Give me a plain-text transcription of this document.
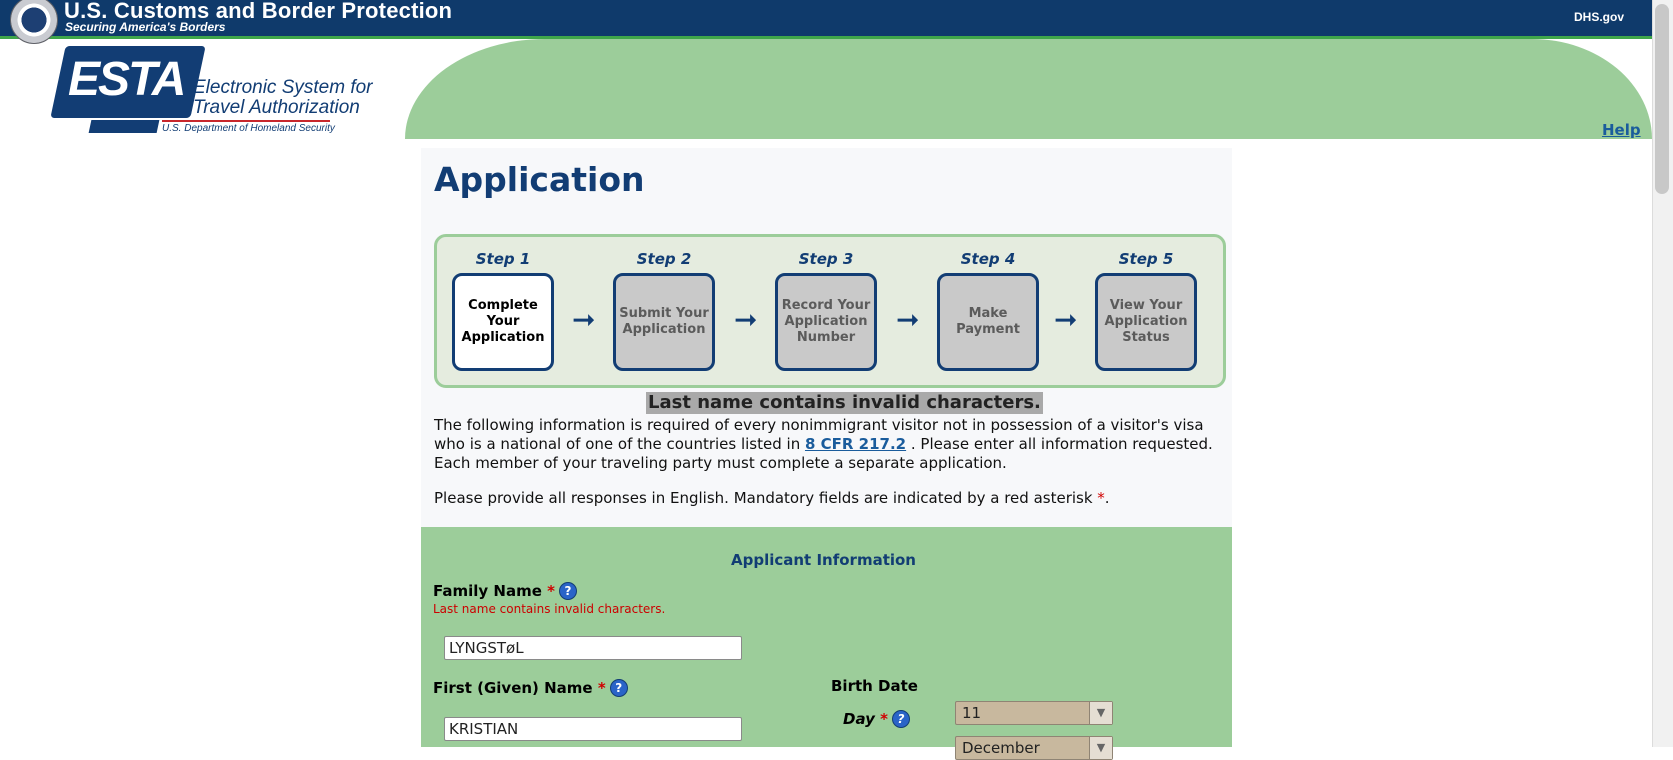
U.S. Customs and Border Protection
Securing America's Borders
DHS.gov
ESTA Electronic System for
Travel Authorization
U.S. Department of Homeland Security	Help
Application
Step 1
Complete Your Application
➞
Step 2
Submit Your Application	➞
Step 3
Record Your Application Number
➞
Step 4
Make Payment	➞
Step 5
View Your Application Status
Last name contains invalid characters.
The following information is required of every nonimmigrant visitor not in possession of a visitor's visa who is a national of one of the countries listed in 8 CFR 217.2 . Please enter all information requested. Each member of your traveling party must complete a separate application.
Please provide all responses in English. Mandatory fields are indicated by a red asterisk *.
Applicant Information
Family Name * ?
Last name contains invalid characters.
LYNGSTøL
First (Given) Name * ?
KRISTIAN	Birth Date
Day * ?	11	▼
December	▼
